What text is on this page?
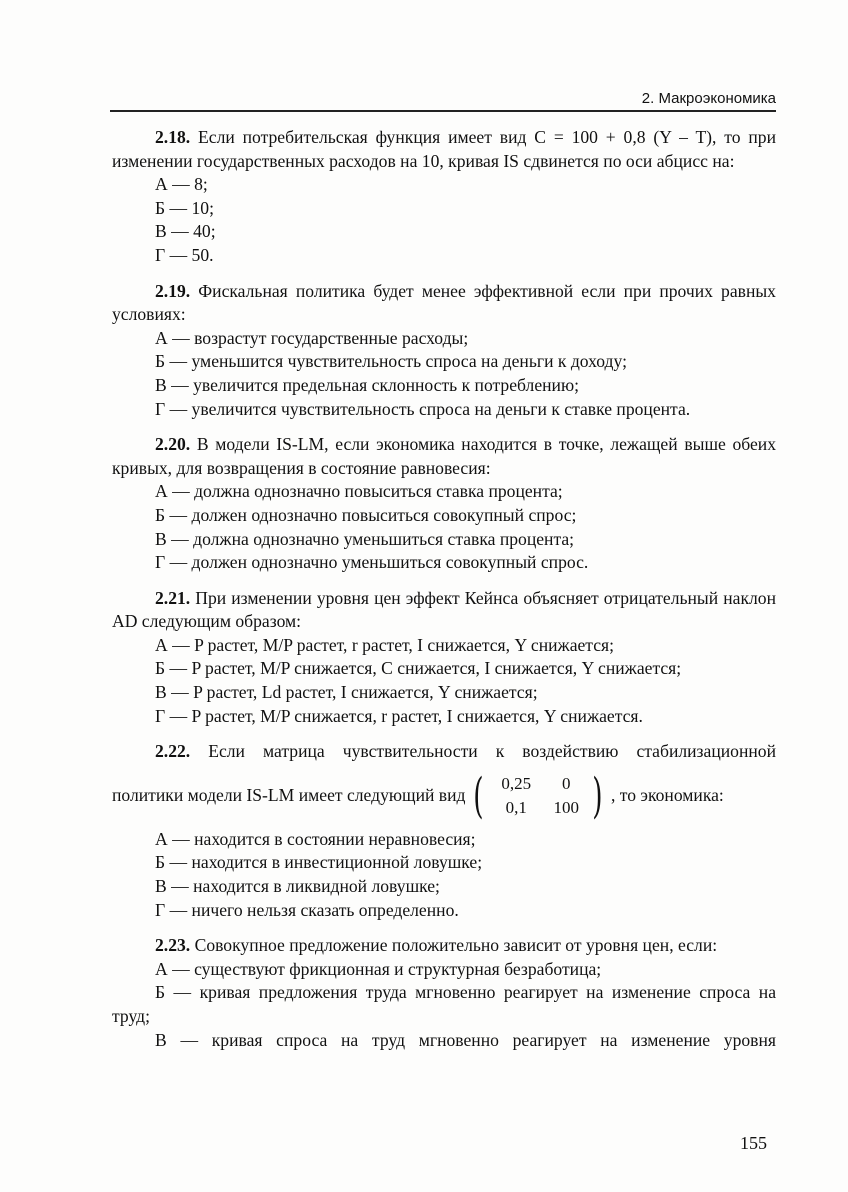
2. Макроэкономика

2.18. Если потребительская функция имеет вид C = 100 + 0,8 (Y – T), то при изменении государственных расходов на 10, кривая IS сдвинется по оси абцисс на:

А — 8;
Б — 10;
В — 40;
Г — 50.

2.19. Фискальная политика будет менее эффективной если при прочих равных условиях:

А — возрастут государственные расходы;
Б — уменьшится чувствительность спроса на деньги к доходу;
В — увеличится предельная склонность к потреблению;
Г — увеличится чувствительность спроса на деньги к ставке процента.

2.20. В модели IS-LM, если экономика находится в точке, лежащей выше обеих кривых, для возвращения в состояние равновесия:

А — должна однозначно повыситься ставка процента;
Б — должен однозначно повыситься совокупный спрос;
В — должна однозначно уменьшиться ставка процента;
Г — должен однозначно уменьшиться совокупный спрос.

2.21. При изменении уровня цен эффект Кейнса объясняет отрицательный наклон AD следующим образом:

А — P растет, M/P растет, r растет, I снижается, Y снижается;
Б — P растет, M/P снижается, C снижается, I снижается, Y снижается;
В — P растет, Ld растет, I снижается, Y снижается;
Г — P растет, M/P снижается, r растет, I снижается, Y снижается.

2.22. Если матрица чувствительности к воздействию стабилизационной

политики модели IS-LM имеет следующий вид (	0,25	0
0,1	100 ) , то экономика:
А — находится в состоянии неравновесия;
Б — находится в инвестиционной ловушке;
В — находится в ликвидной ловушке;
Г — ничего нельзя сказать определенно.

2.23. Совокупное предложение положительно зависит от уровня цен, если:

А — существуют фрикционная и структурная безработица;
Б — кривая предложения труда мгновенно реагирует на изменение спроса на труд;
В — кривая спроса на труд мгновенно реагирует на изменение уровня
155
